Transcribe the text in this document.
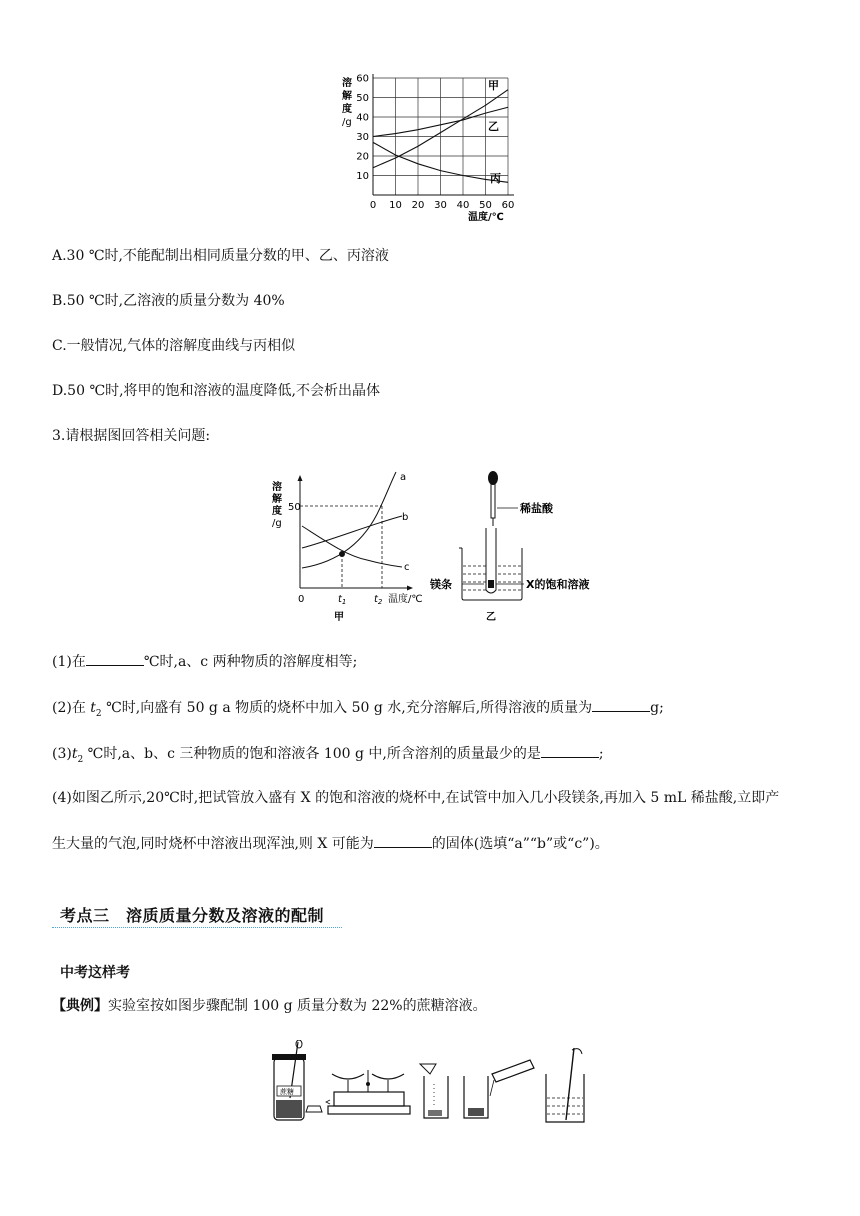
0 10 20 30 40 50 60
10
20
30
40
50
60
溶
解
度
/g
温度/℃
甲
乙
丙
A.30 ℃时,不能配制出相同质量分数的甲、乙、丙溶液
B.50 ℃时,乙溶液的质量分数为 40%
C.一般情况,气体的溶解度曲线与丙相似
D.50 ℃时,将甲的饱和溶液的温度降低,不会析出晶体
3.请根据图回答相关问题:
溶
解
度
/g
50
a
b
c
0	$t_1$	$t_2$ 温度/℃
甲
稀盐酸
镁条	X的饱和溶液
乙
(1)在	℃时,a、c 两种物质的溶解度相等;
(2)在 $t_2$ ℃时,向盛有 50 g a 物质的烧杯中加入 50 g 水,充分溶解后,所得溶液的质量为	g;
$(3)t_2$ ℃时,a、b、c 三种物质的饱和溶液各 100 g 中,所含溶剂的质量最少的是	;
(4)如图乙所示,20℃时,把试管放入盛有 X 的饱和溶液的烧杯中,在试管中加入几小段镁条,再加入 5 mL 稀盐酸,立即产
生大量的气泡,同时烧杯中溶液出现浑浊,则 X 可能为	的固体(选填“a”“b”或“c”)。
考点三　溶质质量分数及溶液的配制
中考这样考
【典例】实验室按如图步骤配制 100 g 质量分数为 22%的蔗糖溶液。
蔗糖
